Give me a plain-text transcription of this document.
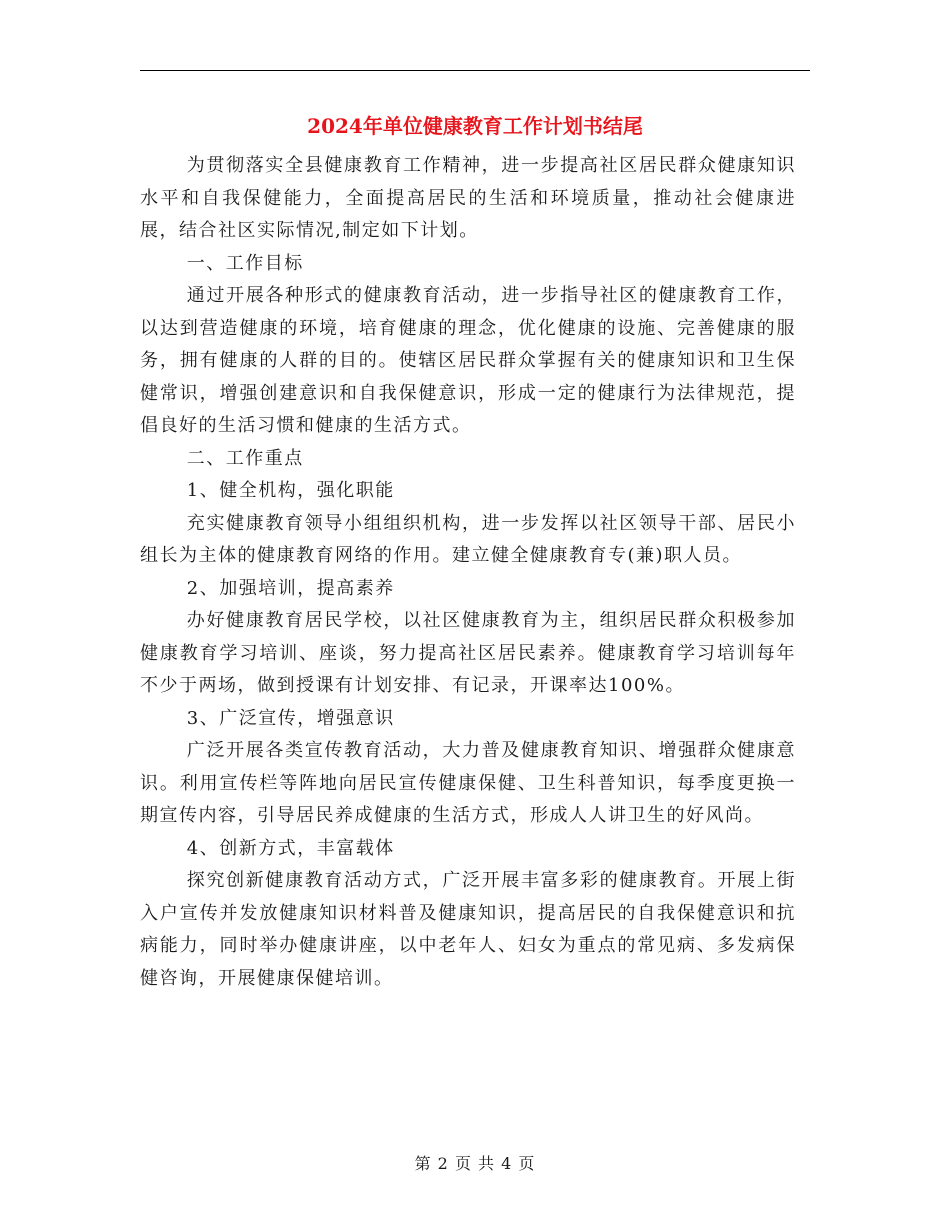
2024年单位健康教育工作计划书结尾

为贯彻落实全县健康教育工作精神，进一步提高社区居民群众健康知识水平和自我保健能力，全面提高居民的生活和环境质量，推动社会健康进展，结合社区实际情况,制定如下计划。

一、工作目标

通过开展各种形式的健康教育活动，进一步指导社区的健康教育工作，以达到营造健康的环境，培育健康的理念，优化健康的设施、完善健康的服务，拥有健康的人群的目的。使辖区居民群众掌握有关的健康知识和卫生保健常识，增强创建意识和自我保健意识，形成一定的健康行为法律规范，提倡良好的生活习惯和健康的生活方式。

二、工作重点

1、健全机构，强化职能

充实健康教育领导小组组织机构，进一步发挥以社区领导干部、居民小组长为主体的健康教育网络的作用。建立健全健康教育专(兼)职人员。

2、加强培训，提高素养

办好健康教育居民学校，以社区健康教育为主，组织居民群众积极参加健康教育学习培训、座谈，努力提高社区居民素养。健康教育学习培训每年不少于两场，做到授课有计划安排、有记录，开课率达100%。

3、广泛宣传，增强意识

广泛开展各类宣传教育活动，大力普及健康教育知识、增强群众健康意识。利用宣传栏等阵地向居民宣传健康保健、卫生科普知识，每季度更换一期宣传内容，引导居民养成健康的生活方式，形成人人讲卫生的好风尚。

4、创新方式，丰富载体

探究创新健康教育活动方式，广泛开展丰富多彩的健康教育。开展上街入户宣传并发放健康知识材料普及健康知识，提高居民的自我保健意识和抗病能力，同时举办健康讲座，以中老年人、妇女为重点的常见病、多发病保健咨询，开展健康保健培训。

第 2 页 共 4 页
